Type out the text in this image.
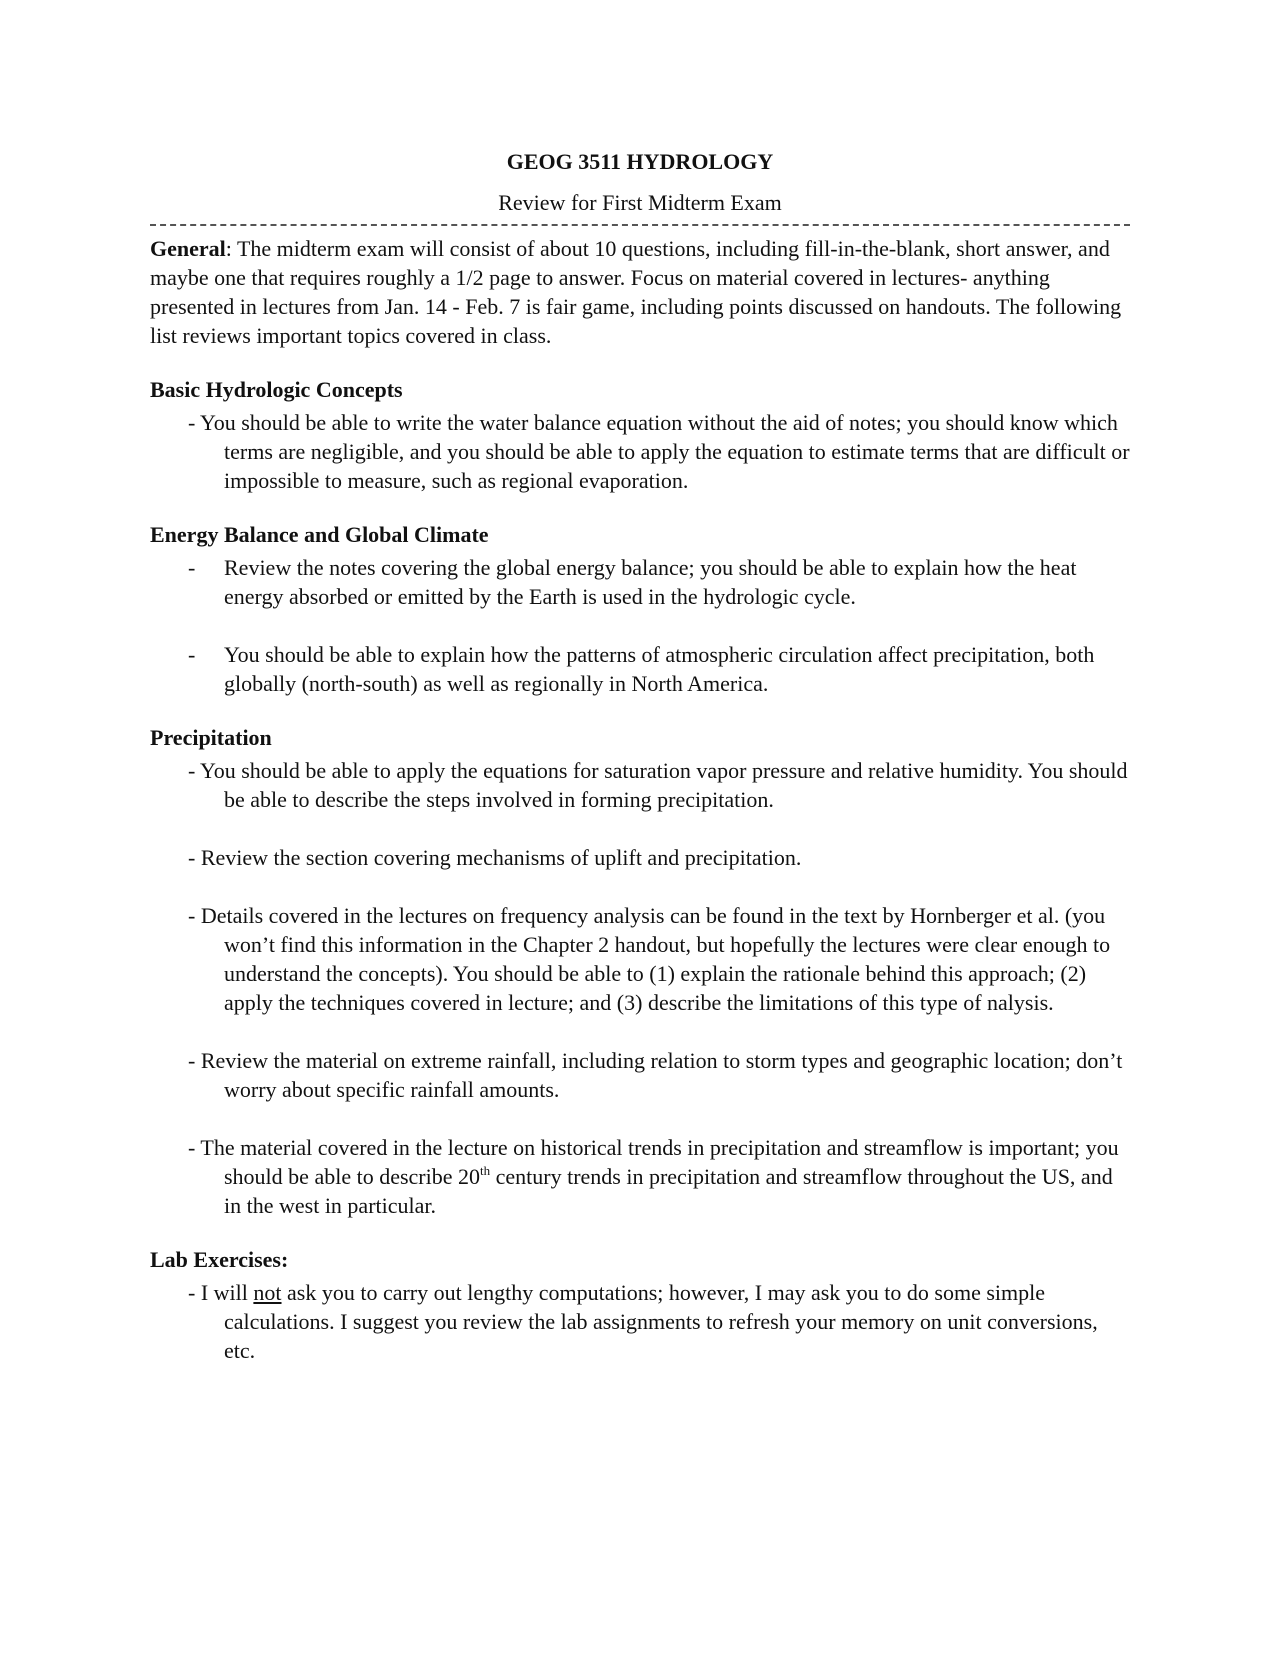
GEOG 3511 HYDROLOGY
Review for First Midterm Exam

General: The midterm exam will consist of about 10 questions, including fill-in-the-blank, short answer, and maybe one that requires roughly a 1/2 page to answer. Focus on material covered in lectures- anything presented in lectures from Jan. 14 - Feb. 7 is fair game, including points discussed on handouts. The following list reviews important topics covered in class.

Basic Hydrologic Concepts
- You should be able to write the water balance equation without the aid of notes; you should know which terms are negligible, and you should be able to apply the equation to estimate terms that are difficult or impossible to measure, such as regional evaporation.
Energy Balance and Global Climate
- Review the notes covering the global energy balance; you should be able to explain how the heat energy absorbed or emitted by the Earth is used in the hydrologic cycle.
- You should be able to explain how the patterns of atmospheric circulation affect precipitation, both globally (north-south) as well as regionally in North America.
Precipitation
- You should be able to apply the equations for saturation vapor pressure and relative humidity. You should be able to describe the steps involved in forming precipitation.
- Review the section covering mechanisms of uplift and precipitation.
- Details covered in the lectures on frequency analysis can be found in the text by Hornberger et al. (you won’t find this information in the Chapter 2 handout, but hopefully the lectures were clear enough to understand the concepts). You should be able to (1) explain the rationale behind this approach; (2) apply the techniques covered in lecture; and (3) describe the limitations of this type of nalysis.
- Review the material on extreme rainfall, including relation to storm types and geographic location; don’t worry about specific rainfall amounts.
- The material covered in the lecture on historical trends in precipitation and streamflow is important; you should be able to describe 20th century trends in precipitation and streamflow throughout the US, and in the west in particular.
Lab Exercises:
- I will not ask you to carry out lengthy computations; however, I may ask you to do some simple calculations. I suggest you review the lab assignments to refresh your memory on unit conversions, etc.
